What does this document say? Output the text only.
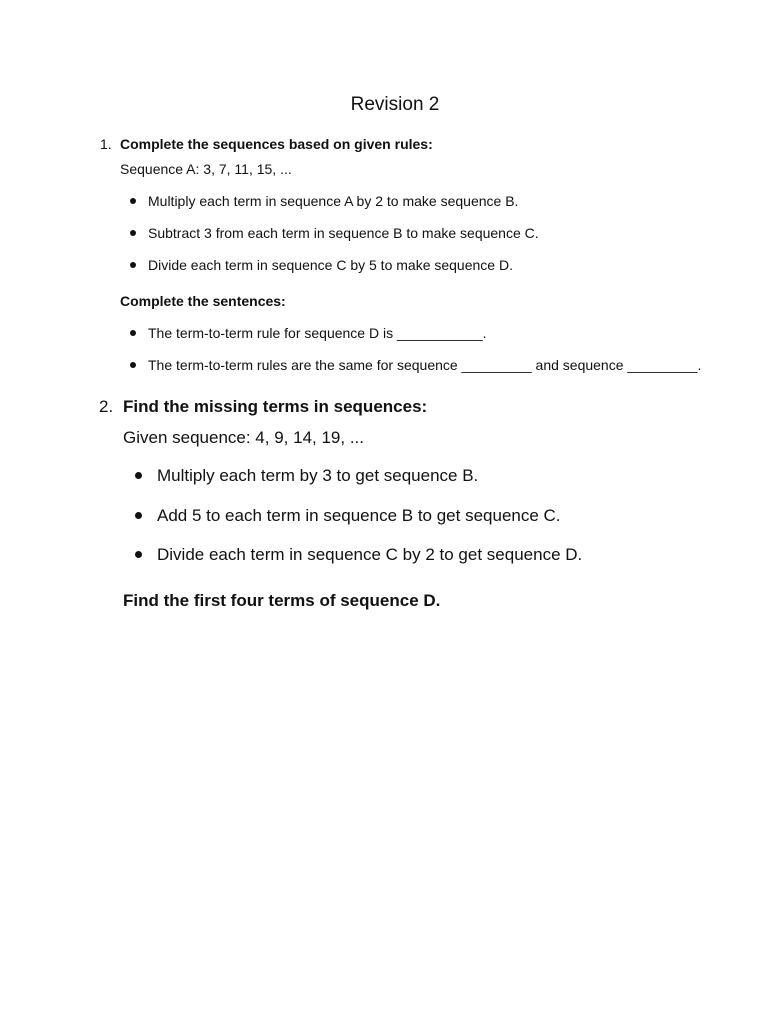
Revision 2
1. Complete the sequences based on given rules:
Sequence A: 3, 7, 11, 15, ...
Multiply each term in sequence A by 2 to make sequence B.
Subtract 3 from each term in sequence B to make sequence C.
Divide each term in sequence C by 5 to make sequence D.
Complete the sentences:
The term-to-term rule for sequence D is ___________.
The term-to-term rules are the same for sequence _________ and sequence _________.
2. Find the missing terms in sequences:
Given sequence: 4, 9, 14, 19, ...
Multiply each term by 3 to get sequence B.
Add 5 to each term in sequence B to get sequence C.
Divide each term in sequence C by 2 to get sequence D.
Find the first four terms of sequence D.
